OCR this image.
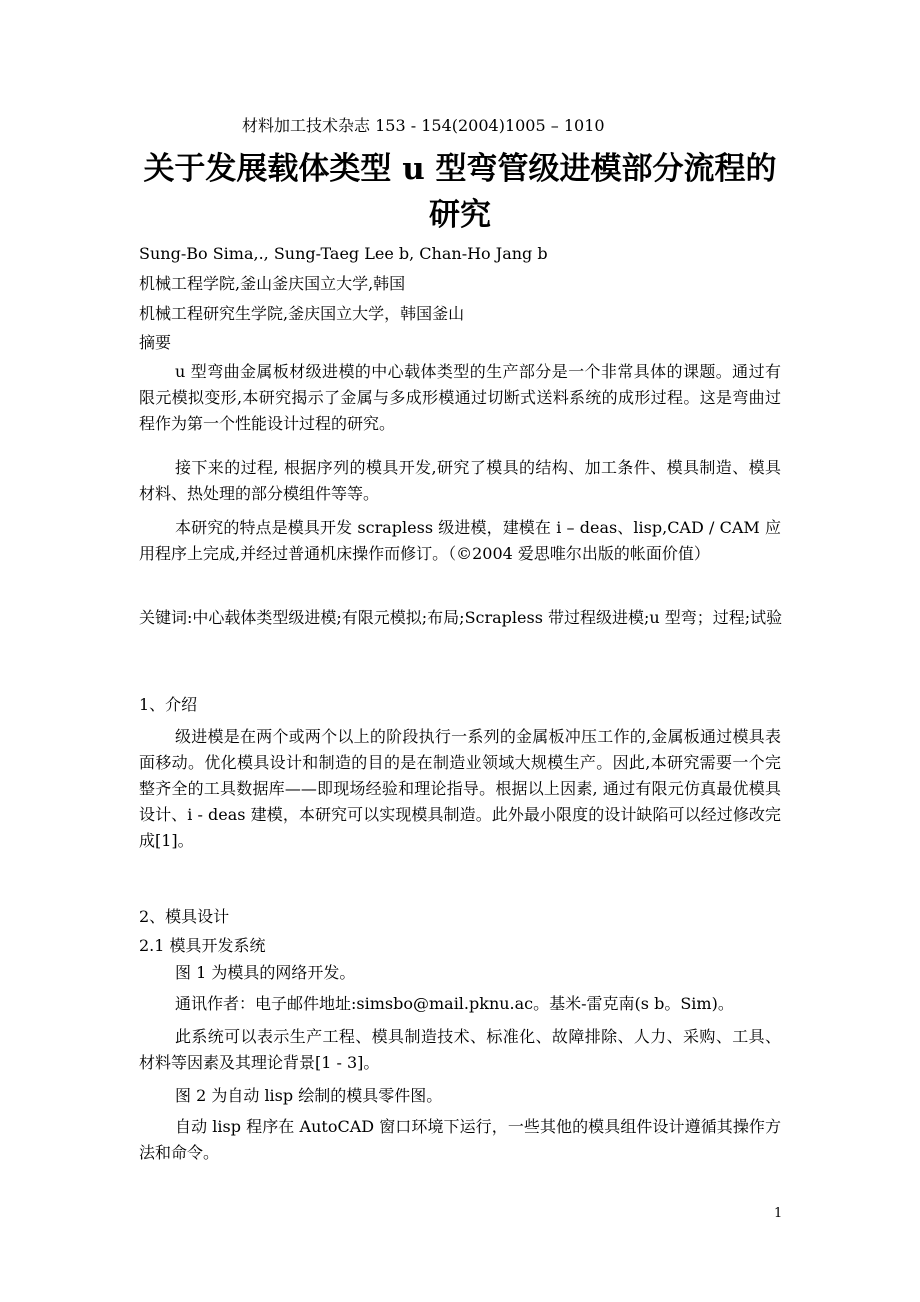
材料加工技术杂志 153 - 154(2004)1005 – 1010
关于发展载体类型 u 型弯管级进模部分流程的研究
Sung-Bo Sima,., Sung-Taeg Lee b, Chan-Ho Jang b
机械工程学院,釜山釜庆国立大学,韩国
机械工程研究生学院,釜庆国立大学，韩国釜山
摘要
u 型弯曲金属板材级进模的中心载体类型的生产部分是一个非常具体的课题。通过有限元模拟变形,本研究揭示了金属与多成形模通过切断式送料系统的成形过程。这是弯曲过程作为第一个性能设计过程的研究。
接下来的过程, 根据序列的模具开发,研究了模具的结构、加工条件、模具制造、模具材料、热处理的部分模组件等等。
本研究的特点是模具开发 scrapless 级进模，建模在 i – deas、lisp,CAD / CAM 应用程序上完成,并经过普通机床操作而修订。（©2004 爱思唯尔出版的帐面价值）
关键词:中心载体类型级进模;有限元模拟;布局;Scrapless 带过程级进模;u 型弯；过程;试验
1、介绍
级进模是在两个或两个以上的阶段执行一系列的金属板冲压工作的,金属板通过模具表面移动。优化模具设计和制造的目的是在制造业领域大规模生产。因此,本研究需要一个完整齐全的工具数据库——即现场经验和理论指导。根据以上因素, 通过有限元仿真最优模具设计、i - deas 建模，本研究可以实现模具制造。此外最小限度的设计缺陷可以经过修改完成[1]。
2、模具设计
2.1 模具开发系统
图 1 为模具的网络开发。
通讯作者：电子邮件地址:simsbo@mail.pknu.ac。基米-雷克南(s b。Sim)。
此系统可以表示生产工程、模具制造技术、标准化、故障排除、人力、采购、工具、材料等因素及其理论背景[1 - 3]。
图 2 为自动 lisp 绘制的模具零件图。
自动 lisp 程序在 AutoCAD 窗口环境下运行，一些其他的模具组件设计遵循其操作方法和命令。
1
